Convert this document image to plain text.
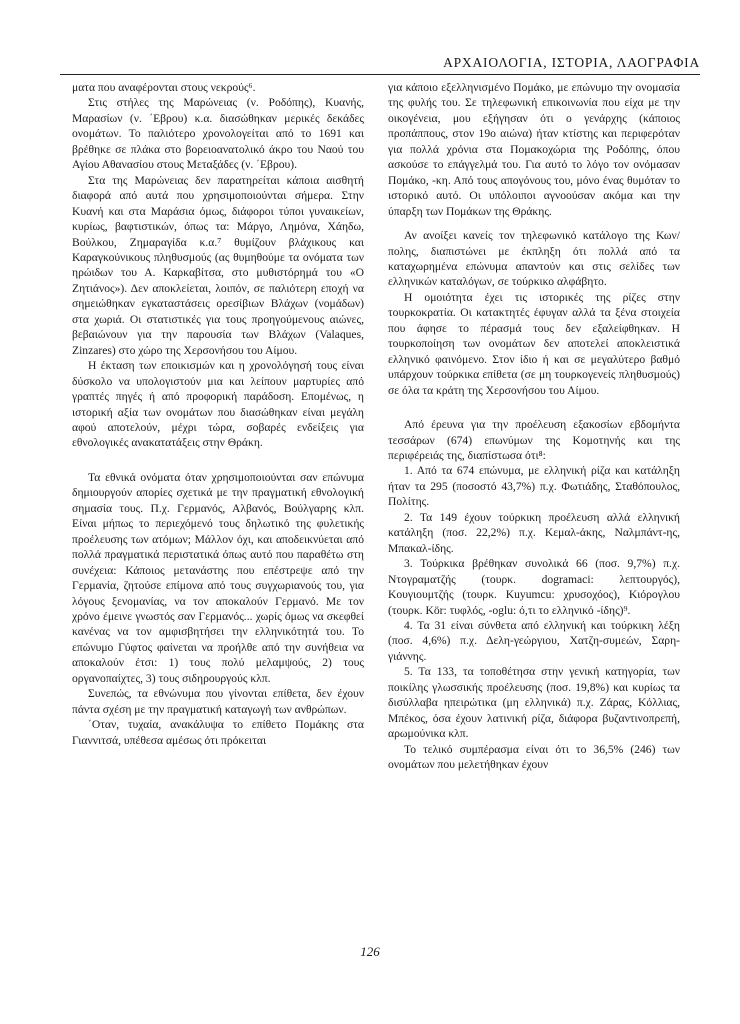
ΑΡΧΑΙΟΛΟΓΙΑ, ΙΣΤΟΡΙΑ, ΛΑΟΓΡΑΦΙΑ

ματα που αναφέρονται στους νεκρούς⁶.

Στις στήλες της Μαρώνειας (ν. Ροδόπης), Κυανής, Μαρασίων (ν. ΄Εβρου) κ.α. διασώθηκαν μερικές δεκάδες ονομάτων. Το παλιότερο χρονολογείται από το 1691 και βρέθηκε σε πλάκα στο βορειοανατολικό άκρο του Ναού του Αγίου Αθανασίου στους Μεταξάδες (ν. ΄Εβρου).

Στα της Μαρώνειας δεν παρατηρείται κάποια αισθητή διαφορά από αυτά που χρησιμοποιούνται σήμερα. Στην Κυανή και στα Μαράσια όμως, διάφοροι τύποι γυναικείων, κυρίως, βαφτιστικών, όπως τα: Μάργο, Λημόνα, Χάηδω, Βούλκου, Ζημαραγίδα κ.α.⁷ θυμίζουν βλάχικους και Καραγκούνικους πληθυσμούς (ας θυμηθούμε τα ονόματα των ηρώιδων του Α. Καρκαβίτσα, στο μυθιστόρημά του «Ο Ζητιάνος»). Δεν αποκλείεται, λοιπόν, σε παλιότερη εποχή να σημειώθηκαν εγκαταστάσεις ορεσίβιων Βλάχων (νομάδων) στα χωριά. Οι στατιστικές για τους προηγούμενους αιώνες, βεβαιώνουν για την παρουσία των Βλάχων (Valaques, Zinzares) στο χώρο της Χερσονήσου του Αίμου.

Η έκταση των εποικισμών και η χρονολόγησή τους είναι δύσκολο να υπολογιστούν μια και λείπουν μαρτυρίες από γραπτές πηγές ή από προφορική παράδοση. Επομένως, η ιστορική αξία των ονομάτων που διασώθηκαν είναι μεγάλη αφού αποτελούν, μέχρι τώρα, σοβαρές ενδείξεις για εθνολογικές ανακατατάξεις στην Θράκη.

Τα εθνικά ονόματα όταν χρησιμοποιούνται σαν επώνυμα δημιουργούν απορίες σχετικά με την πραγματική εθνολογική σημασία τους. Π.χ. Γερμανός, Αλβανός, Βούλγαρης κλπ. Είναι μήπως το περιεχόμενό τους δηλωτικό της φυλετικής προέλευσης των ατόμων; Μάλλον όχι, και αποδεικνύεται από πολλά πραγματικά περιστατικά όπως αυτό που παραθέτω στη συνέχεια: Κάποιος μετανάστης που επέστρεψε από την Γερμανία, ζητούσε επίμονα από τους συγχωριανούς του, για λόγους ξενομανίας, να τον αποκαλούν Γερμανό. Με τον χρόνο έμεινε γνωστός σαν Γερμανός... χωρίς όμως να σκεφθεί κανένας να τον αμφισβητήσει την ελληνικότητά του. Το επώνυμο Γύφτος φαίνεται να προήλθε από την συνήθεια να αποκαλούν έτσι: 1) τους πολύ μελαμψούς, 2) τους οργανοπαίχτες, 3) τους σιδηρουργούς κλπ.

Συνεπώς, τα εθνώνυμα που γίνονται επίθετα, δεν έχουν πάντα σχέση με την πραγματική καταγωγή των ανθρώπων.

΄Οταν, τυχαία, ανακάλυψα το επίθετο Πομάκης στα Γιαννιτσά, υπέθεσα αμέσως ότι πρόκειται

για κάποιο εξελληνισμένο Πομάκο, με επώνυμο την ονομασία της φυλής του. Σε τηλεφωνική επικοινωνία που είχα με την οικογένεια, μου εξήγησαν ότι ο γενάρχης (κάποιος προπάππους, στον 19ο αιώνα) ήταν κτίστης και περιφερόταν για πολλά χρόνια στα Πομακοχώρια της Ροδόπης, όπου ασκούσε το επάγγελμά του. Για αυτό το λόγο τον ονόμασαν Πομάκο, -κη. Από τους απογόνους του, μόνο ένας θυμόταν το ιστορικό αυτό. Οι υπόλοιποι αγνοούσαν ακόμα και την ύπαρξη των Πομάκων της Θράκης.

Αν ανοίξει κανείς τον τηλεφωνικό κατάλογο της Κων/πολης, διαπιστώνει με έκπληξη ότι πολλά από τα καταχωρημένα επώνυμα απαντούν και στις σελίδες των ελληνικών καταλόγων, σε τούρκικο αλφάβητο.

Η ομοιότητα έχει τις ιστορικές της ρίζες στην τουρκοκρατία. Οι κατακτητές έφυγαν αλλά τα ξένα στοιχεία που άφησε το πέρασμά τους δεν εξαλείφθηκαν. Η τουρκοποίηση των ονομάτων δεν αποτελεί αποκλειστικά ελληνικό φαινόμενο. Στον ίδιο ή και σε μεγαλύτερο βαθμό υπάρχουν τούρκικα επίθετα (σε μη τουρκογενείς πληθυσμούς) σε όλα τα κράτη της Χερσονήσου του Αίμου.

Από έρευνα για την προέλευση εξακοσίων εβδομήντα τεσσάρων (674) επωνύμων της Κομοτηνής και της περιφέρειάς της, διαπίστωσα ότι⁸:

1. Από τα 674 επώνυμα, με ελληνική ρίζα και κατάληξη ήταν τα 295 (ποσοστό 43,7%) π.χ. Φωτιάδης, Σταθόπουλος, Πολίτης.

2. Τα 149 έχουν τούρκικη προέλευση αλλά ελληνική κατάληξη (ποσ. 22,2%) π.χ. Κεμαλ-άκης, Ναλμπάντ-ης, Μπακαλ-ίδης.

3. Τούρκικα βρέθηκαν συνολικά 66 (ποσ. 9,7%) π.χ. Ντογραματζής (τουρκ. dogramaci: λεπτουργός), Κουγιουμτζής (τουρκ. Kuyumcu: χρυσοχόος), Κιόρογλου (τουρκ. Kör: τυφλός, -oglu: ό,τι το ελληνικό -ίδης)⁹.

4. Τα 31 είναι σύνθετα από ελληνική και τούρκικη λέξη (ποσ. 4,6%) π.χ. Δελη-γεώργιου, Χατζη-συμεών, Σαρη-γιάννης.

5. Τα 133, τα τοποθέτησα στην γενική κατηγορία, των ποικίλης γλωσσικής προέλευσης (ποσ. 19,8%) και κυρίως τα δισύλλαβα ηπειρώτικα (μη ελληνικά) π.χ. Ζάρας, Κόλλιας, Μπέκος, όσα έχουν λατινική ρίζα, διάφορα βυζαντινοπρεπή, αρωμούνικα κλπ.

Το τελικό συμπέρασμα είναι ότι το 36,5% (246) των ονομάτων που μελετήθηκαν έχουν

126
